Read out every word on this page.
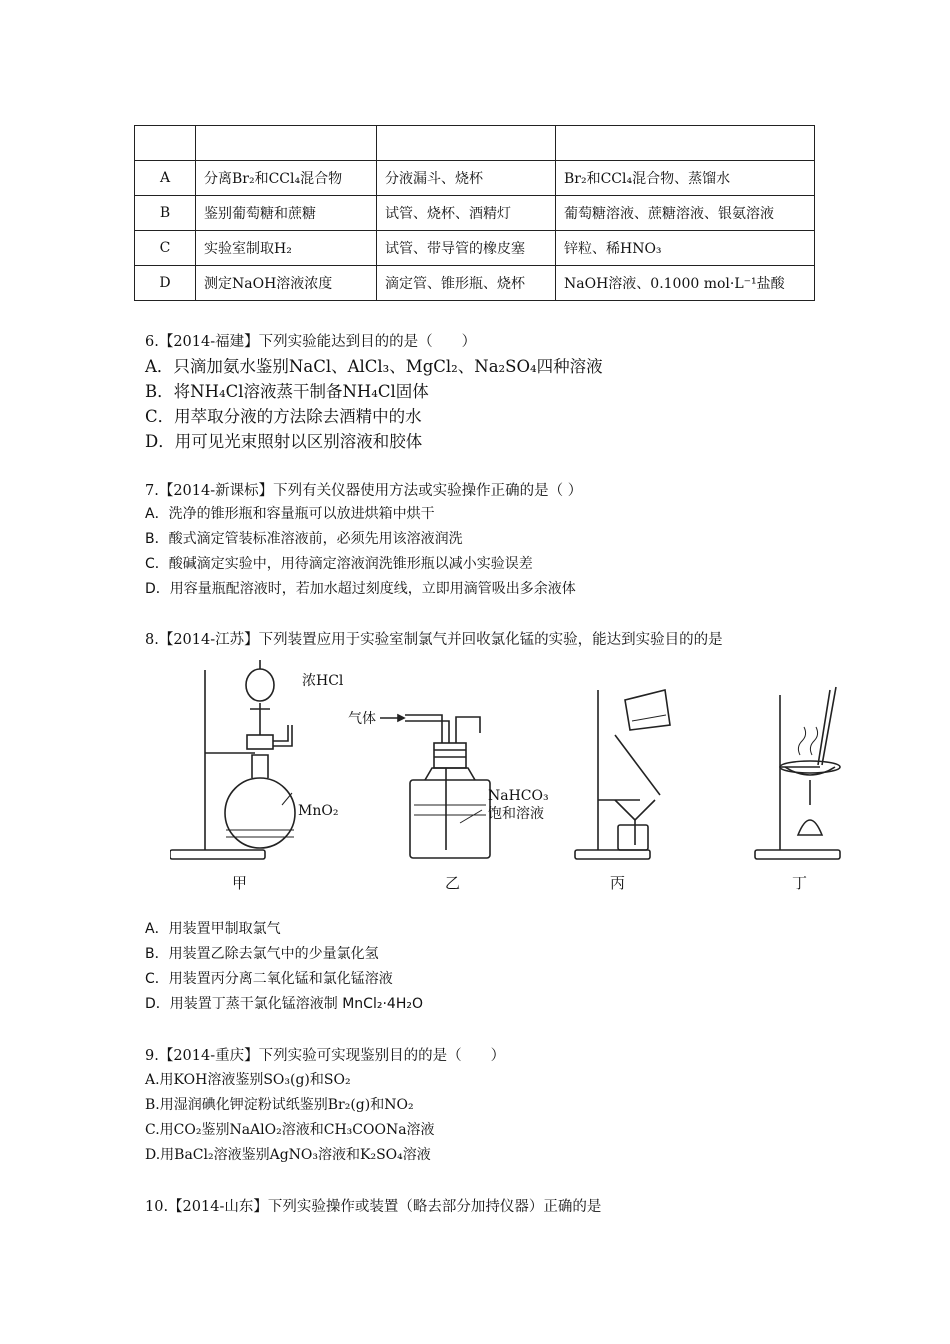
A	分离Br₂和CCl₄混合物	分液漏斗、烧杯	Br₂和CCl₄混合物、蒸馏水
B	鉴别葡萄糖和蔗糖	试管、烧杯、酒精灯	葡萄糖溶液、蔗糖溶液、银氨溶液
C	实验室制取H₂	试管、带导管的橡皮塞	锌粒、稀HNO₃
D	测定NaOH溶液浓度	滴定管、锥形瓶、烧杯	NaOH溶液、0.1000 mol·L⁻¹盐酸
6.【2014-福建】下列实验能达到目的的是（　　）
A．只滴加氨水鉴别NaCl、AlCl₃、MgCl₂、Na₂SO₄四种溶液
B．将NH₄Cl溶液蒸干制备NH₄Cl固体
C．用萃取分液的方法除去酒精中的水
D．用可见光束照射以区别溶液和胶体
7.【2014-新课标】下列有关仪器使用方法或实验操作正确的是（ ）
A．洗净的锥形瓶和容量瓶可以放进烘箱中烘干
B．酸式滴定管装标准溶液前，必须先用该溶液润洗
C．酸碱滴定实验中，用待滴定溶液润洗锥形瓶以减小实验误差
D．用容量瓶配溶液时，若加水超过刻度线，立即用滴管吸出多余液体
8.【2014-江苏】下列装置应用于实验室制氯气并回收氯化锰的实验，能达到实验目的的是
浓HCl
MnO₂
气体
NaHCO₃
饱和溶液
甲	乙	丙	丁
A．用装置甲制取氯气
B．用装置乙除去氯气中的少量氯化氢
C．用装置丙分离二氧化锰和氯化锰溶液
D．用装置丁蒸干氯化锰溶液制 MnCl₂·4H₂O
9.【2014-重庆】下列实验可实现鉴别目的的是（　　）
A.用KOH溶液鉴别SO₃(g)和SO₂
B.用湿润碘化钾淀粉试纸鉴别Br₂(g)和NO₂
C.用CO₂鉴别NaAlO₂溶液和CH₃COONa溶液
D.用BaCl₂溶液鉴别AgNO₃溶液和K₂SO₄溶液
10.【2014-山东】下列实验操作或装置（略去部分加持仪器）正确的是
